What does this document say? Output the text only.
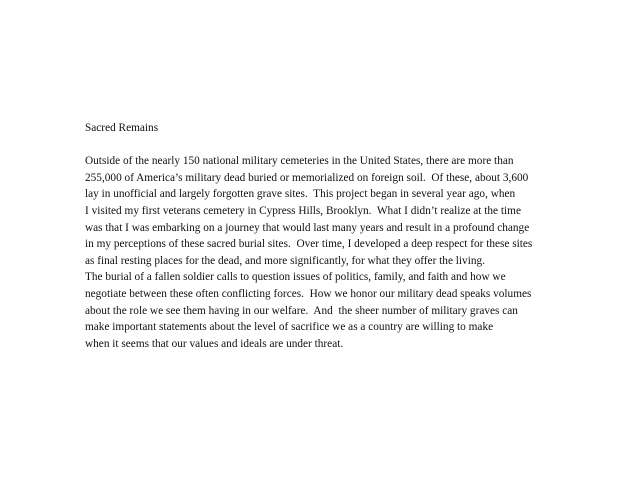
Sacred Remains
Outside of the nearly 150 national military cemeteries in the United States, there are more than
255,000 of America’s military dead buried or memorialized on foreign soil.  Of these, about 3,600
lay in unofficial and largely forgotten grave sites.  This project began in several year ago, when
I visited my first veterans cemetery in Cypress Hills, Brooklyn.  What I didn’t realize at the time
was that I was embarking on a journey that would last many years and result in a profound change
in my perceptions of these sacred burial sites.  Over time, I developed a deep respect for these sites
as final resting places for the dead, and more significantly, for what they offer the living.
The burial of a fallen soldier calls to question issues of politics, family, and faith and how we
negotiate between these often conflicting forces.  How we honor our military dead speaks volumes
about the role we see them having in our welfare.  And  the sheer number of military graves can
make important statements about the level of sacrifice we as a country are willing to make
when it seems that our values and ideals are under threat.
